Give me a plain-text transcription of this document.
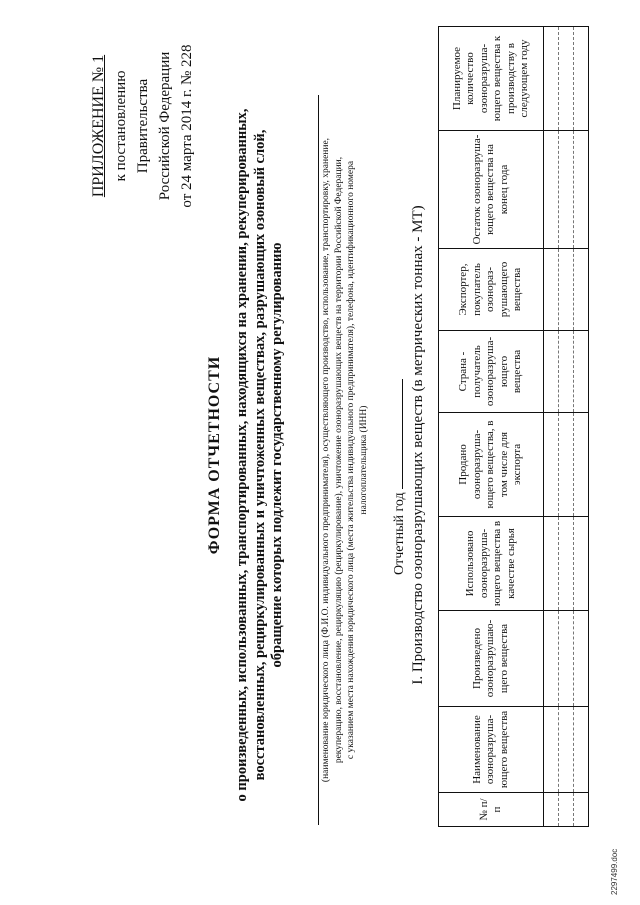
ПРИЛОЖЕНИЕ № 1 к постановлению Правительства Российской Федерации от 24 марта 2014 г. № 228
ФОРМА ОТЧЕТНОСТИ о произведенных, использованных, транспортированных, находящихся на хранении, рекуперированных, восстановленных, рециркулированных и уничтоженных веществах, разрушающих озоновый слой, обращение которых подлежит государственному регулированию	(наименование юридического лица (Ф.И.О. индивидуального предпринимателя), осуществляющего производство, использование, транспортировку, хранение, рекуперацию, восстановление, рециркуляцию (рециркулирование), уничтожение озоноразрушающих веществ на территории Российской Федерации, с указанием места нахождения юридического лица (места жительства индивидуального предпринимателя), телефона, идентификационного номера налогоплательщика (ИНН)
Отчетный год I. Производство озоноразрушающих веществ (в метрических тоннах - МТ)
№ п/п	Наименование озоноразруша-ющего вещества	Произведено озоноразрушаю-щего вещества	Использовано озоноразруша-ющего вещества в качестве сырья	Продано озоноразруша-ющего вещества, в том числе для экспорта	Страна - получатель озоноразруша-ющего вещества	Экспортер, покупатель озонораз-рушающего вещества	Остаток озоноразруша-ющего вещества на конец года	Планируемое количество озоноразруша-ющего вещества к производству в следующем году

2297499.doc
